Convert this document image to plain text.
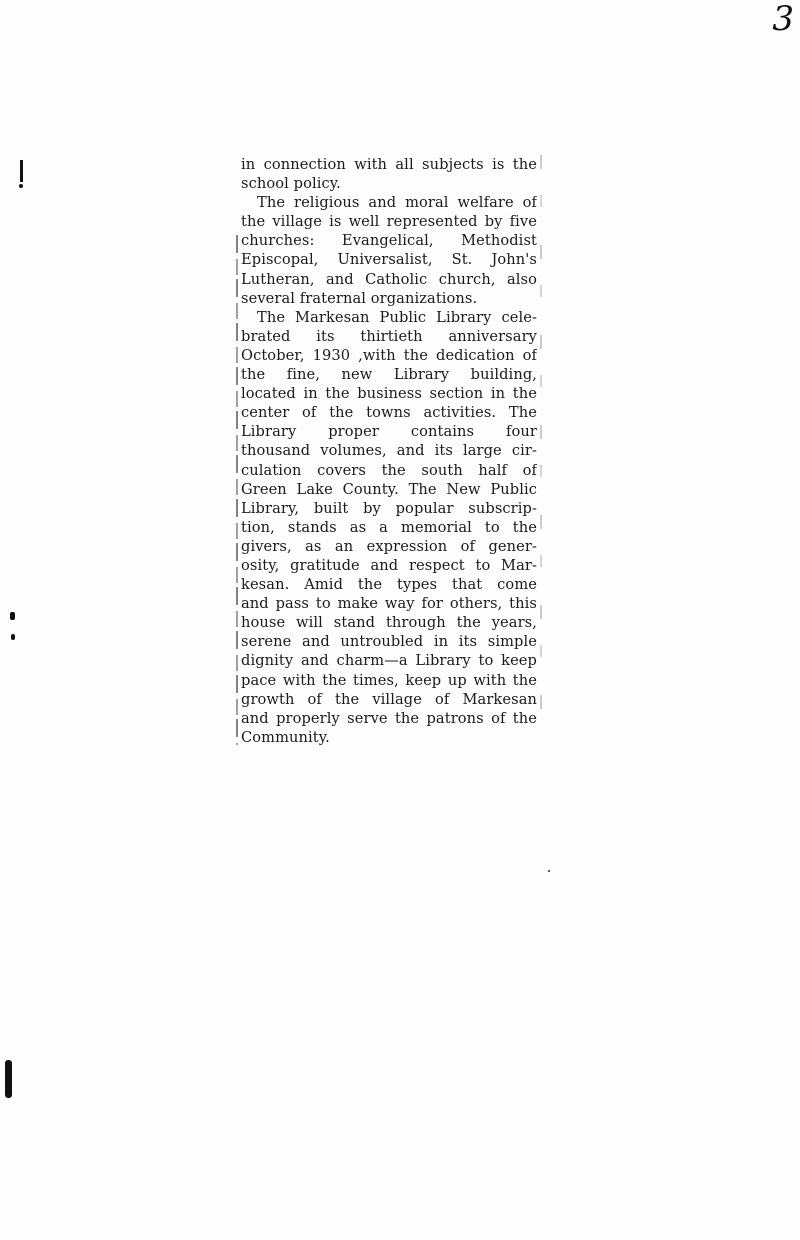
3
in connection with all subjects is the
school policy.
The religious and moral welfare of
the village is well represented by five
churches: Evangelical, Methodist
Episcopal, Universalist, St. John's
Lutheran, and Catholic church, also
several fraternal organizations.
The Markesan Public Library cele-
brated its thirtieth anniversary
October, 1930 ,with the dedication of
the fine, new Library building,
located in the business section in the
center of the towns activities. The
Library proper contains four
thousand volumes, and its large cir-
culation covers the south half of
Green Lake County. The New Public
Library, built by popular subscrip-
tion, stands as a memorial to the
givers, as an expression of gener-
osity, gratitude and respect to Mar-
kesan. Amid the types that come
and pass to make way for others, this
house will stand through the years,
serene and untroubled in its simple
dignity and charm—a Library to keep
pace with the times, keep up with the
growth of the village of Markesan
and properly serve the patrons of the
Community.
